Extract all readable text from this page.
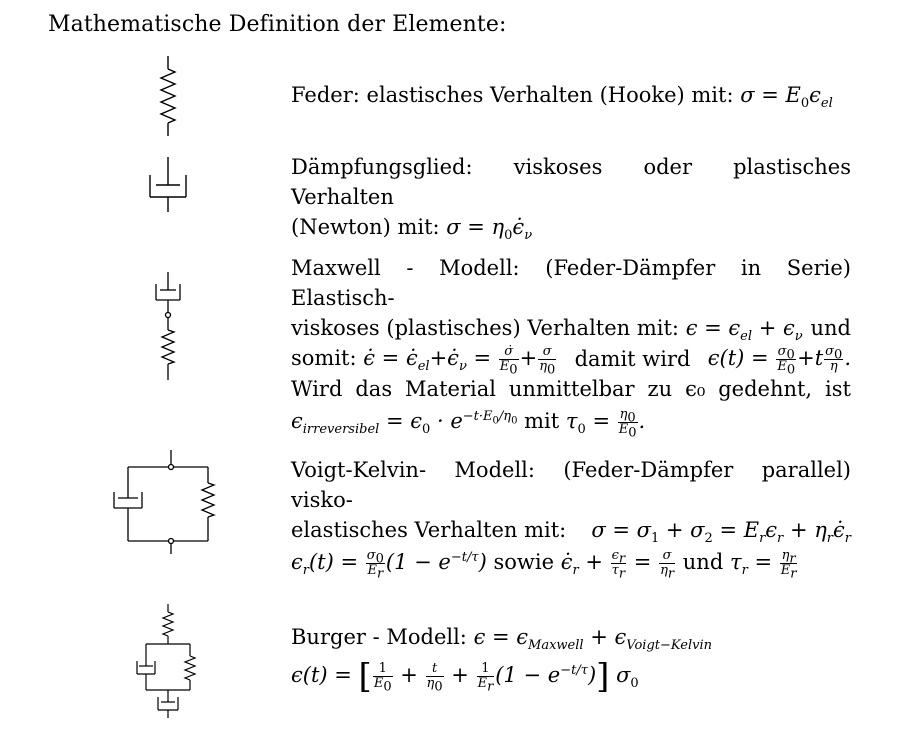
Mathematische Definition der Elemente:
Feder: elastisches Verhalten (Hooke) mit: $\sigma = E_0\epsilon_{el}$
Dämpfungsglied: viskoses oder plastisches Verhalten
(Newton) mit: $\sigma = \eta_0\epsiloṅ_\nu$
Maxwell - Modell: (Feder-Dämpfer in Serie) Elastisch-
viskoses (plastisches) Verhalten mit: $\epsilon = \epsilon_{el} + \epsilon_\nu$ und
somit: ϵ̇ = $\epsiloṅ_{el}+\epsiloṅ_\nu = \frac{\sigmȧ}{E_0} + \frac{\sigma}{\eta_0}$ damit wird $\epsilon(t) = \frac{\sigma_0}{E_0} +t \frac{\sigma_0}{\eta}$ .
Wird das Material unmittelbar zu ϵ₀ gedehnt, ist
$\epsilon_{irreversibel} = \epsilon_0 \cdot e^{-t\cdot E_0/\eta_0}$ mit $\tau_0 = \frac{\eta_0}{E_0}$ .
Voigt-Kelvin- Modell: (Feder-Dämpfer parallel) visko-
elastisches Verhalten mit: $\sigma = \sigma_1 + \sigma_2 = E_r\epsilon_r$ + $\eta_r\epsiloṅ_r$
$\epsilon_r(t) = \frac{\sigma_0}{E_r} (1 - e^{-t/\tau})$ sowie $\epsiloṅ_r + \frac{\epsilon_r}{\tau_r} = \frac{\sigma}{\eta_r}$ und $\tau_r = \frac{\eta_r}{E_r}$
Burger - Modell: $\epsilon = \epsilon_{Maxwell} + \epsilon_{Voigt-Kelvin}$
ϵ(t) = [ $\frac{1}{E_0} + \frac{t}{\eta_0} + \frac{1}{E_r} (1 - e^{-t/\tau})$] $\sigma_0$
